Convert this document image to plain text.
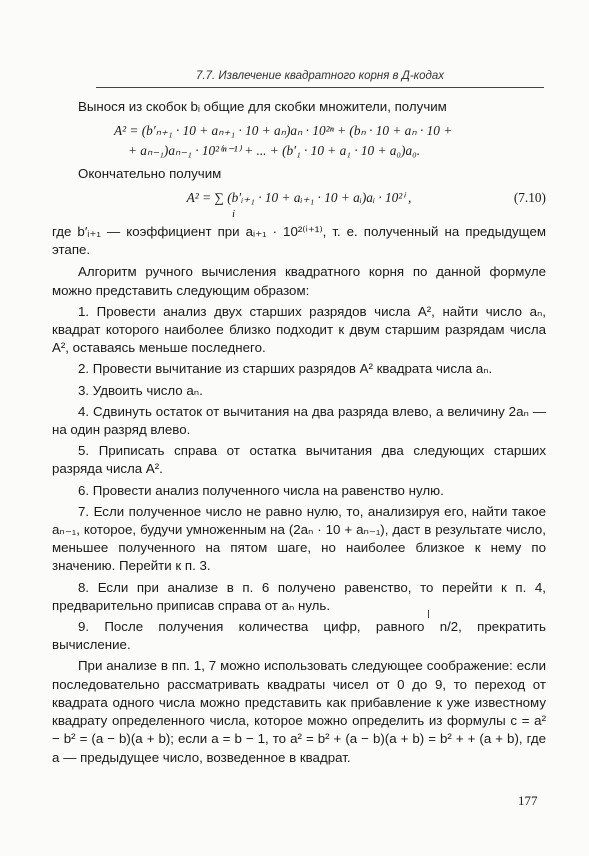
7.7. Извлечение квадратного корня в Д-кодах

Вынося из скобок bᵢ общие для скобки множители, получим

A² = (b′ₙ₊₁ · 10 + aₙ₊₁ · 10 + aₙ)aₙ · 10²ⁿ + (bₙ · 10 + aₙ · 10 +
+ aₙ₋₁)aₙ₋₁ · 10²⁽ⁿ⁻¹⁾ + ... + (b′₁ · 10 + a₁ · 10 + a₀)a₀.

Окончательно получим

A² = ∑ (b′ᵢ₊₁ · 10 + aᵢ₊₁ · 10 + aᵢ)aᵢ · 10²ⁱ ,	(7.10)
i

где b′ᵢ₊₁ — коэффициент при aᵢ₊₁ · 10²⁽ⁱ⁺¹⁾, т. е. полученный на предыдущем этапе.

Алгоритм ручного вычисления квадратного корня по данной формуле можно представить следующим образом:

1. Провести анализ двух старших разрядов числа A², найти число aₙ, квадрат которого наиболее близко подходит к двум старшим разрядам числа A², оставаясь меньше последнего.

2. Провести вычитание из старших разрядов A² квадрата числа aₙ.

3. Удвоить число aₙ.

4. Сдвинуть остаток от вычитания на два разряда влево, а величину 2aₙ — на один разряд влево.

5. Приписать справа от остатка вычитания два следующих старших разряда числа A².

6. Провести анализ полученного числа на равенство нулю.

7. Если полученное число не равно нулю, то, анализируя его, найти такое aₙ₋₁, которое, будучи умноженным на (2aₙ · 10 + aₙ₋₁), даст в результате число, меньшее полученного на пятом шаге, но наиболее близкое к нему по значению. Перейти к п. 3.

8. Если при анализе в п. 6 получено равенство, то перейти к п. 4, предварительно приписав справа от aₙ нуль.

9. После получения количества цифр, равного n/2, прекратить вычисление.

При анализе в пп. 1, 7 можно использовать следующее соображение: если последовательно рассматривать квадраты чисел от 0 до 9, то переход от квадрата одного числа можно представить как прибавление к уже известному квадрату определенного числа, которое можно определить из формулы c = a² − b² = (a − b)(a + b); если a = b − 1, то a² = b² + (a − b)(a + b) = b² + + (a + b), где a — предыдущее число, возведенное в квадрат.

177
